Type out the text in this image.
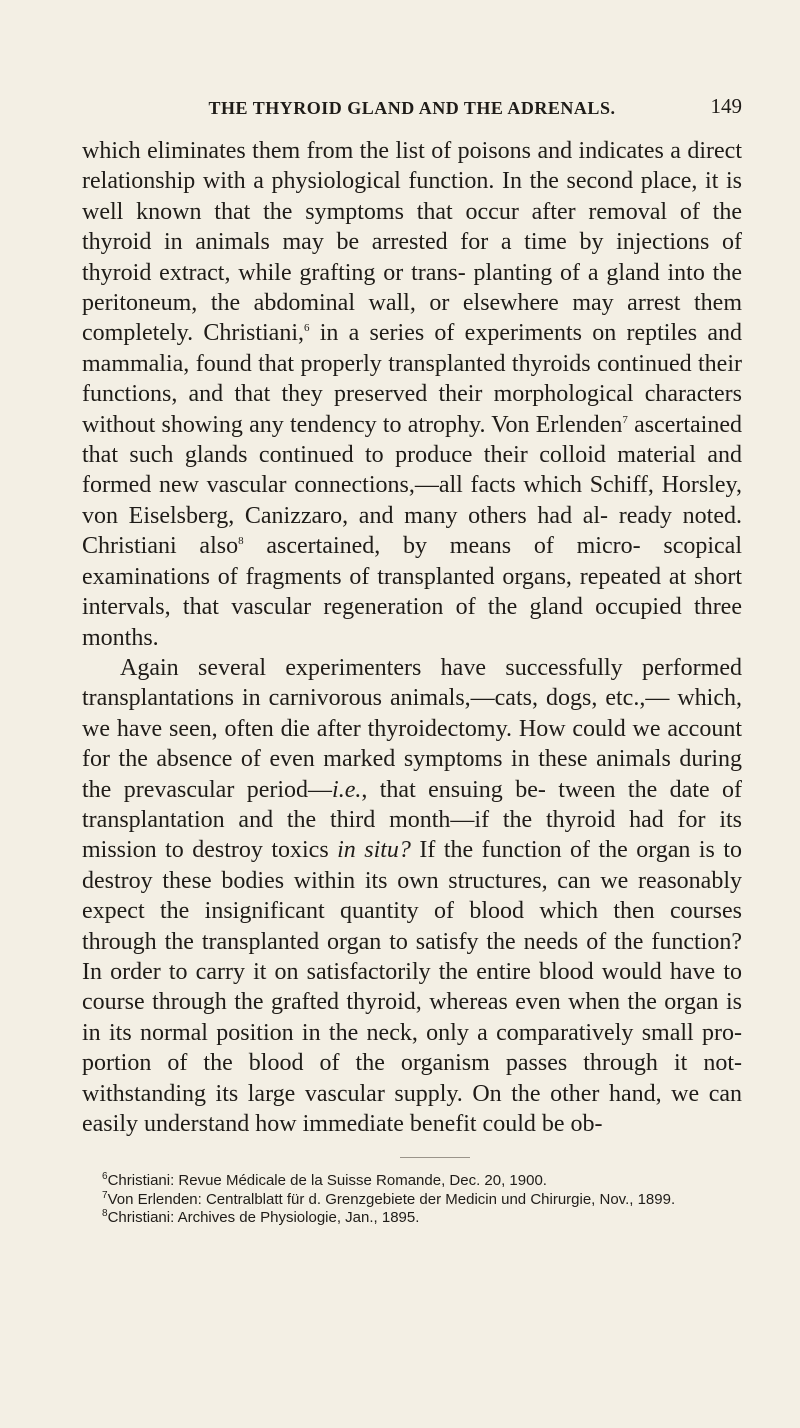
THE THYROID GLAND AND THE ADRENALS.	149

which eliminates them from the list of poisons and indicates a direct relationship with a physiological function. In the second place, it is well known that the symptoms that occur after removal of the thyroid in animals may be arrested for a time by injections of thyroid extract, while grafting or trans- planting of a gland into the peritoneum, the abdominal wall, or elsewhere may arrest them completely. Christiani,$^6$ in a series of experiments on reptiles and mammalia, found that properly transplanted thyroids continued their functions, and that they preserved their morphological characters without showing any tendency to atrophy. Von Erlenden$^7$ ascertained that such glands continued to produce their colloid material and formed new vascular connections,—all facts which Schiff, Horsley, von Eiselsberg, Canizzaro, and many others had al- ready noted. Christiani also$^8$ ascertained, by means of micro- scopical examinations of fragments of transplanted organs, repeated at short intervals, that vascular regeneration of the gland occupied three months.

Again several experimenters have successfully performed transplantations in carnivorous animals,—cats, dogs, etc.,— which, we have seen, often die after thyroidectomy. How could we account for the absence of even marked symptoms in these animals during the prevascular period—i.e., that ensuing be- tween the date of transplantation and the third month—if the thyroid had for its mission to destroy toxics in situ? If the function of the organ is to destroy these bodies within its own structures, can we reasonably expect the insignificant quantity of blood which then courses through the transplanted organ to satisfy the needs of the function? In order to carry it on satisfactorily the entire blood would have to course through the grafted thyroid, whereas even when the organ is in its normal position in the neck, only a comparatively small pro- portion of the blood of the organism passes through it not- withstanding its large vascular supply. On the other hand, we can easily understand how immediate benefit could be ob-

$^6$Christiani: Revue Médicale de la Suisse Romande, Dec. 20, 1900.

$^7$Von Erlenden: Centralblatt für d. Grenzgebiete der Medicin und Chirurgie, Nov., 1899.

$^8$Christiani: Archives de Physiologie, Jan., 1895.
